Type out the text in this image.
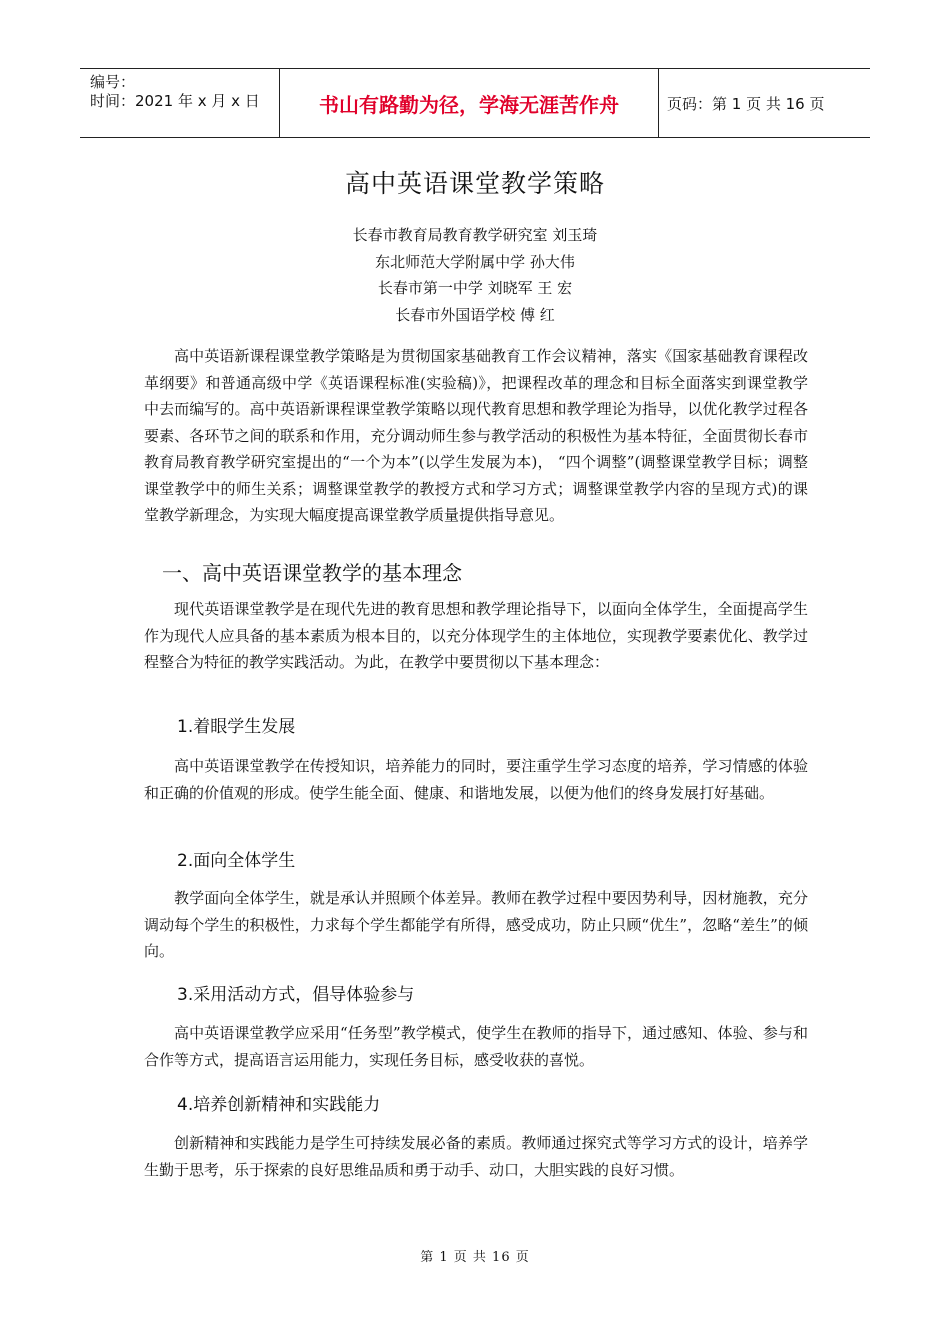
编号：
时间：2021 年 x 月 x 日	书山有路勤为径，学海无涯苦作舟	页码：第 1 页 共 16 页
高中英语课堂教学策略
长春市教育局教育教学研究室 刘玉琦
东北师范大学附属中学 孙大伟
长春市第一中学 刘晓军 王 宏
长春市外国语学校 傅 红

高中英语新课程课堂教学策略是为贯彻国家基础教育工作会议精神，落实《国家基础教育课程改革纲要》和普通高级中学《英语课程标准(实验稿)》，把课程改革的理念和目标全面落实到课堂教学中去而编写的。高中英语新课程课堂教学策略以现代教育思想和教学理论为指导，以优化教学过程各要素、各环节之间的联系和作用，充分调动师生参与教学活动的积极性为基本特征，全面贯彻长春市教育局教育教学研究室提出的“一个为本”(以学生发展为本)， “四个调整”(调整课堂教学目标；调整课堂教学中的师生关系；调整课堂教学的教授方式和学习方式；调整课堂教学内容的呈现方式)的课堂教学新理念，为实现大幅度提高课堂教学质量提供指导意见。

一、高中英语课堂教学的基本理念

现代英语课堂教学是在现代先进的教育思想和教学理论指导下，以面向全体学生，全面提高学生作为现代人应具备的基本素质为根本目的，以充分体现学生的主体地位，实现教学要素优化、教学过程整合为特征的教学实践活动。为此，在教学中要贯彻以下基本理念：

1.着眼学生发展

高中英语课堂教学在传授知识，培养能力的同时，要注重学生学习态度的培养，学习情感的体验和正确的价值观的形成。使学生能全面、健康、和谐地发展，以便为他们的终身发展打好基础。

2.面向全体学生

教学面向全体学生，就是承认并照顾个体差异。教师在教学过程中要因势利导，因材施教，充分调动每个学生的积极性，力求每个学生都能学有所得，感受成功，防止只顾“优生”，忽略“差生”的倾向。

3.采用活动方式，倡导体验参与

高中英语课堂教学应采用“任务型”教学模式，使学生在教师的指导下，通过感知、体验、参与和合作等方式，提高语言运用能力，实现任务目标，感受收获的喜悦。

4.培养创新精神和实践能力

创新精神和实践能力是学生可持续发展必备的素质。教师通过探究式等学习方式的设计，培养学生勤于思考，乐于探索的良好思维品质和勇于动手、动口，大胆实践的良好习惯。

第 1 页 共 16 页
